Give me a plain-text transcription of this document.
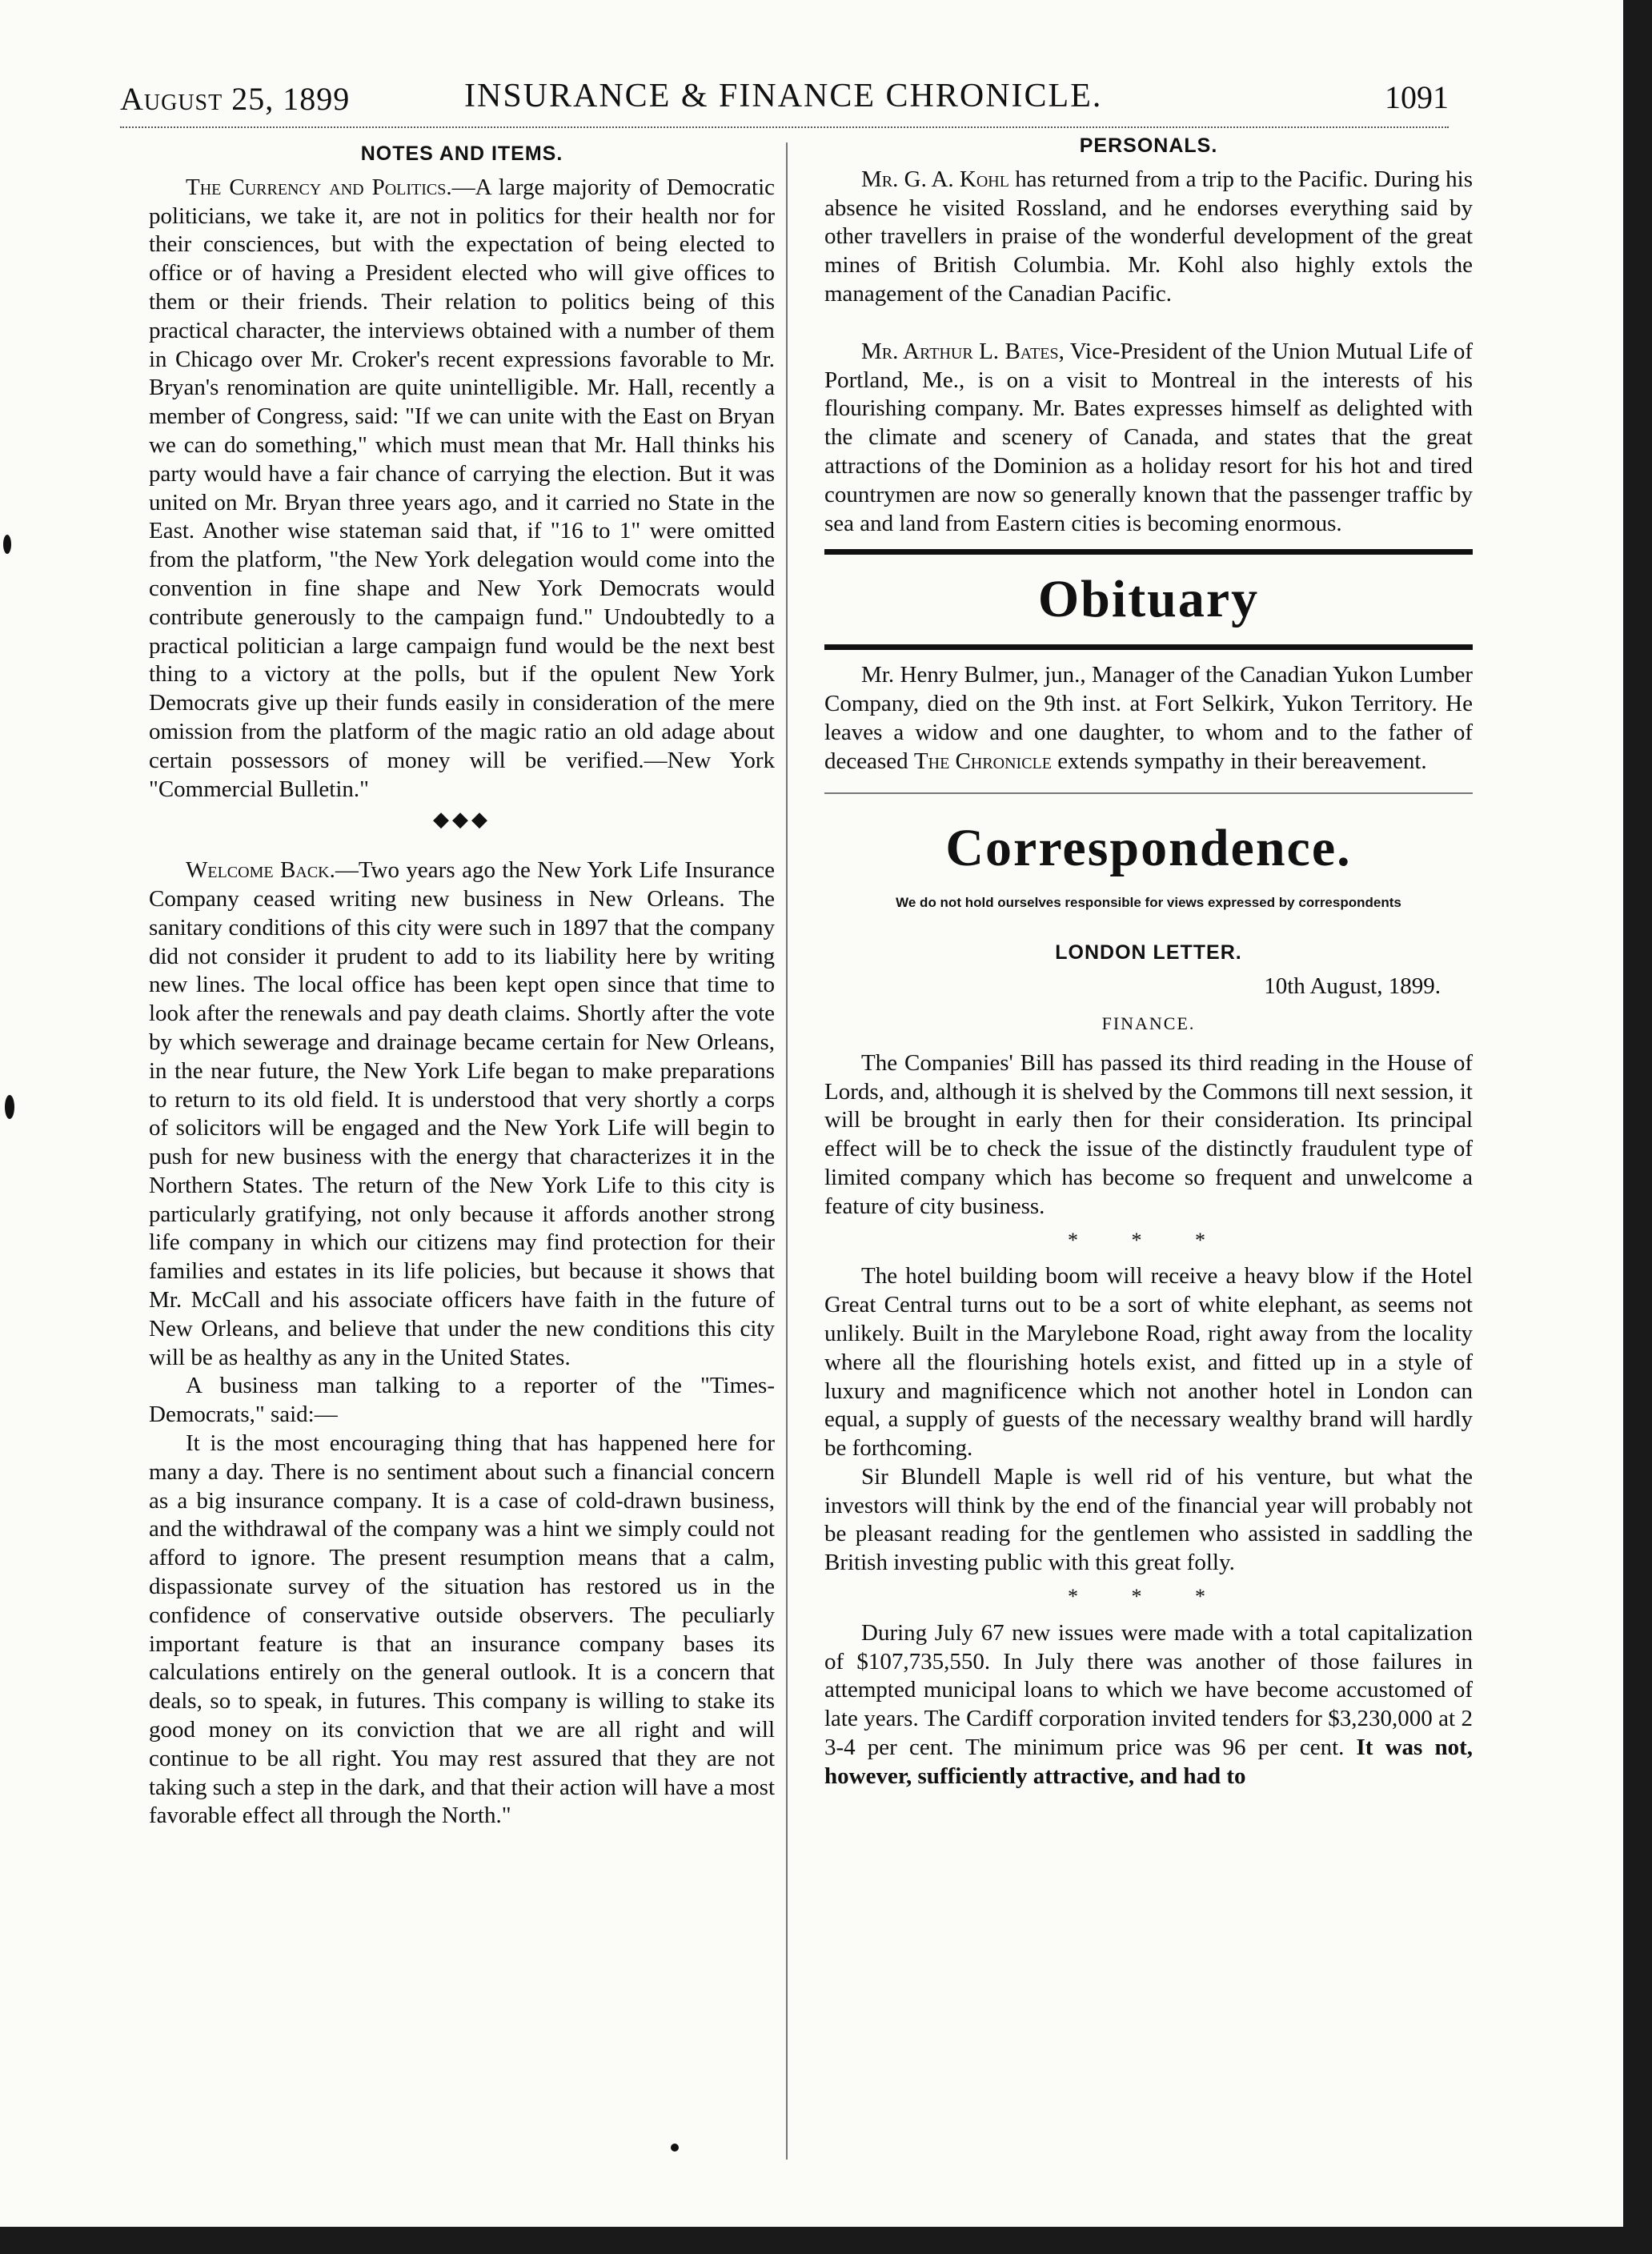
August 25, 1899	INSURANCE & FINANCE CHRONICLE.	1091
NOTES AND ITEMS.

The Currency and Politics.—A large majority of Democratic politicians, we take it, are not in politics for their health nor for their consciences, but with the expectation of being elected to office or of having a President elected who will give offices to them or their friends. Their relation to politics being of this practical character, the interviews obtained with a number of them in Chicago over Mr. Croker's recent expressions favorable to Mr. Bryan's renomination are quite unintelligible. Mr. Hall, recently a member of Congress, said: "If we can unite with the East on Bryan we can do something," which must mean that Mr. Hall thinks his party would have a fair chance of carrying the election. But it was united on Mr. Bryan three years ago, and it carried no State in the East. Another wise stateman said that, if "16 to 1" were omitted from the platform, "the New York delegation would come into the convention in fine shape and New York Democrats would contribute generously to the campaign fund." Undoubtedly to a practical politician a large campaign fund would be the next best thing to a victory at the polls, but if the opulent New York Democrats give up their funds easily in consideration of the mere omission from the platform of the magic ratio an old adage about certain possessors of money will be verified.—New York "Commercial Bulletin."

◆◆◆

Welcome Back.—Two years ago the New York Life Insurance Company ceased writing new business in New Orleans. The sanitary conditions of this city were such in 1897 that the company did not consider it prudent to add to its liability here by writing new lines. The local office has been kept open since that time to look after the renewals and pay death claims. Shortly after the vote by which sewerage and drainage became certain for New Orleans, in the near future, the New York Life began to make preparations to return to its old field. It is understood that very shortly a corps of solicitors will be engaged and the New York Life will begin to push for new business with the energy that characterizes it in the Northern States. The return of the New York Life to this city is particularly gratifying, not only because it affords another strong life company in which our citizens may find protection for their families and estates in its life policies, but because it shows that Mr. McCall and his associate officers have faith in the future of New Orleans, and believe that under the new conditions this city will be as healthy as any in the United States.

A business man talking to a reporter of the "Times-Democrats," said:—

It is the most encouraging thing that has happened here for many a day. There is no sentiment about such a financial concern as a big insurance company. It is a case of cold-drawn business, and the withdrawal of the company was a hint we simply could not afford to ignore. The present resumption means that a calm, dispassionate survey of the situation has restored us in the confidence of conservative outside observers. The peculiarly important feature is that an insurance company bases its calculations entirely on the general outlook. It is a concern that deals, so to speak, in futures. This company is willing to stake its good money on its conviction that we are all right and will continue to be all right. You may rest assured that they are not taking such a step in the dark, and that their action will have a most favorable effect all through the North."

PERSONALS.

Mr. G. A. Kohl has returned from a trip to the Pacific. During his absence he visited Rossland, and he endorses everything said by other travellers in praise of the wonderful development of the great mines of British Columbia. Mr. Kohl also highly extols the management of the Canadian Pacific.

Mr. Arthur L. Bates, Vice-President of the Union Mutual Life of Portland, Me., is on a visit to Montreal in the interests of his flourishing company. Mr. Bates expresses himself as delighted with the climate and scenery of Canada, and states that the great attractions of the Dominion as a holiday resort for his hot and tired countrymen are now so generally known that the passenger traffic by sea and land from Eastern cities is becoming enormous.

Obituary

Mr. Henry Bulmer, jun., Manager of the Canadian Yukon Lumber Company, died on the 9th inst. at Fort Selkirk, Yukon Territory. He leaves a widow and one daughter, to whom and to the father of deceased The Chronicle extends sympathy in their bereavement.

Correspondence.
We do not hold ourselves responsible for views expressed by correspondents
LONDON LETTER.
10th August, 1899.
FINANCE.

The Companies' Bill has passed its third reading in the House of Lords, and, although it is shelved by the Commons till next session, it will be brought in early then for their consideration. Its principal effect will be to check the issue of the distinctly fraudulent type of limited company which has become so frequent and unwelcome a feature of city business.

* * *

The hotel building boom will receive a heavy blow if the Hotel Great Central turns out to be a sort of white elephant, as seems not unlikely. Built in the Marylebone Road, right away from the locality where all the flourishing hotels exist, and fitted up in a style of luxury and magnificence which not another hotel in London can equal, a supply of guests of the necessary wealthy brand will hardly be forthcoming.

Sir Blundell Maple is well rid of his venture, but what the investors will think by the end of the financial year will probably not be pleasant reading for the gentlemen who assisted in saddling the British investing public with this great folly.

* * *

During July 67 new issues were made with a total capitalization of $107,735,550. In July there was another of those failures in attempted municipal loans to which we have become accustomed of late years. The Cardiff corporation invited tenders for $3,230,000 at 2 3-4 per cent. The minimum price was 96 per cent. It was not, however, sufficiently attractive, and had to
